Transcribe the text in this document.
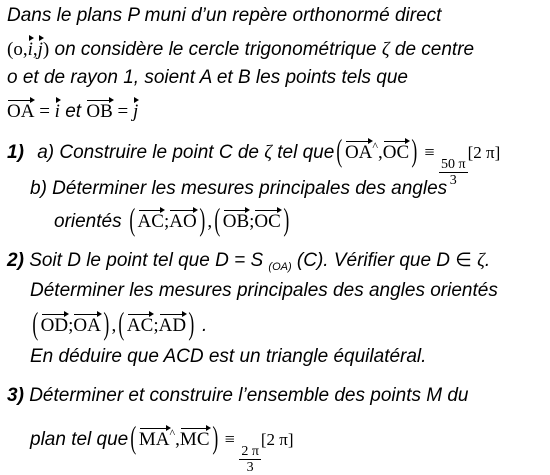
Dans le plans P muni d’un repère orthonormé direct
(o,i,j) on considère le cercle trigonométrique ζ de centre
o et de rayon 1, soient A et B les points tels que
OA = i et OB = j
1) a) Construire le point C de ζ tel que( OA^,OC) ≡
$\frac{50 \pi}{3}$
[2 π]
b) Déterminer les mesures principales des angles
orientés ( AC;AO) ,( OB;OC)
2) Soit D le point tel que D = S $_{(OA)}$ (C). Vérifier que D ∈ ζ.
Déterminer les mesures principales des angles orientés
( OD;OA) ,( AC;AD) .
En déduire que ACD est un triangle équilatéral.
3) Déterminer et construire l’ensemble des points M du
plan tel que( MA^,MC) ≡
$\frac{2 \pi}{3}$
[2 π]
